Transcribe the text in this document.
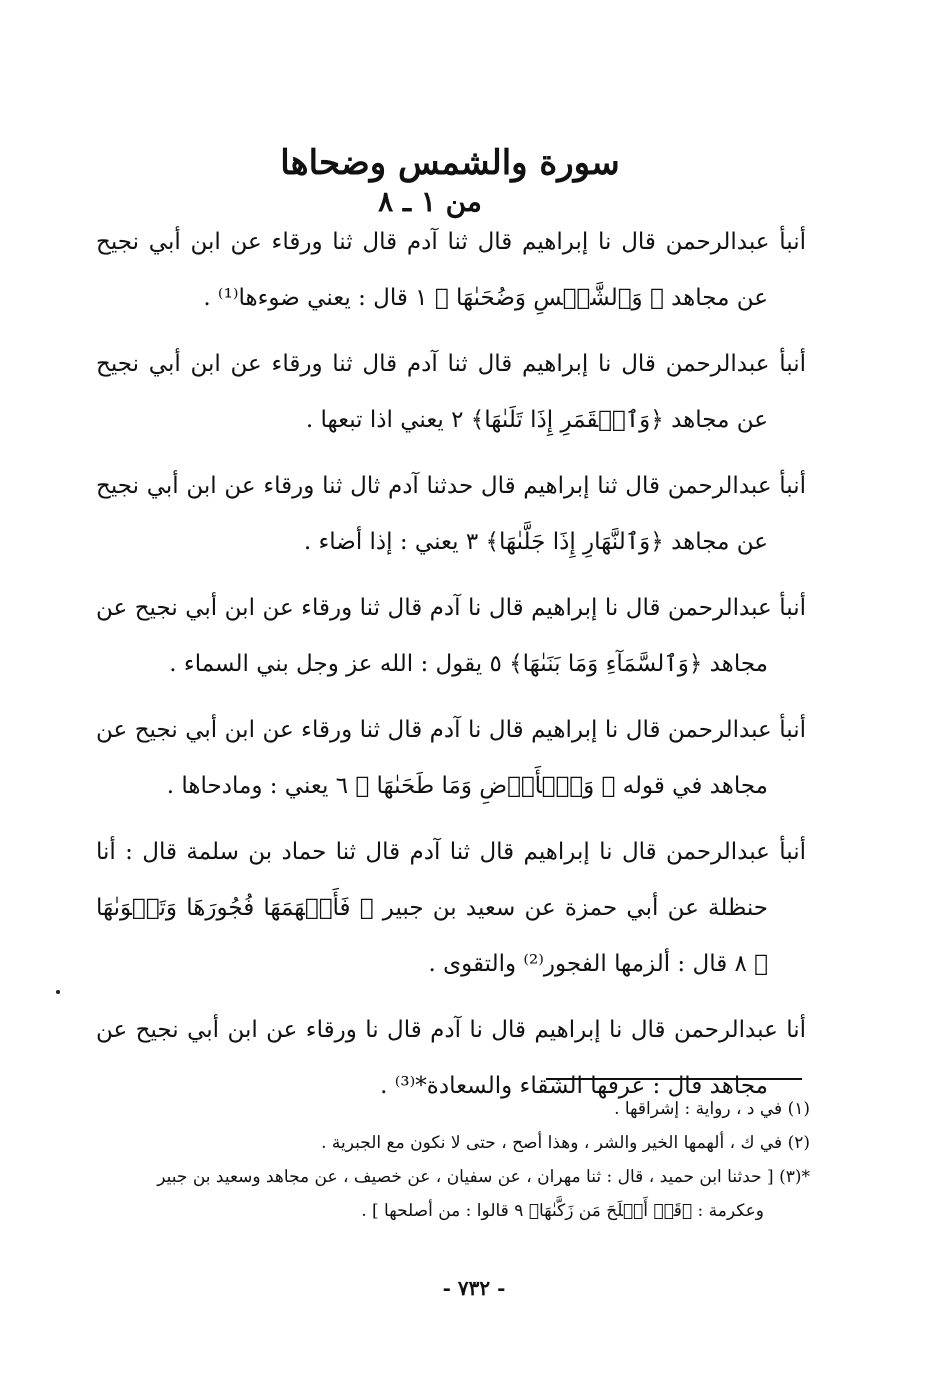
سورة والشمس وضحاها
من ١ ـ ٨

أنبأ عبدالرحمن قال نا إبراهيم قال ثنا آدم قال ثنا ورقاء عن ابن أبي نجيح عن مجاهد ﴿ وَٱلشَّمۡسِ وَضُحَىٰهَا ﴾ ١ قال : يعني ضوءها⁽¹⁾ .

أنبأ عبدالرحمن قال نا إبراهيم قال ثنا آدم قال ثنا ورقاء عن ابن أبي نجيح عن مجاهد ﴿وَٱلۡقَمَرِ إِذَا تَلَىٰهَا﴾ ٢ يعني اذا تبعها .

أنبأ عبدالرحمن قال ثنا إبراهيم قال حدثنا آدم ثال ثنا ورقاء عن ابن أبي نجيح عن مجاهد ﴿وَٱلنَّهَارِ إِذَا جَلَّىٰهَا﴾ ٣ يعني : إذا أضاء .

أنبأ عبدالرحمن قال نا إبراهيم قال نا آدم قال ثنا ورقاء عن ابن أبي نجيح عن مجاهد ﴿وَٱلسَّمَآءِ وَمَا بَنَىٰهَا﴾ ٥ يقول : الله عز وجل بني السماء .

أنبأ عبدالرحمن قال نا إبراهيم قال نا آدم قال ثنا ورقاء عن ابن أبي نجيح عن مجاهد في قوله ﴿ وَٱلۡأَرۡضِ وَمَا طَحَىٰهَا ﴾ ٦ يعني : ومادحاها .

أنبأ عبدالرحمن قال نا إبراهيم قال ثنا آدم قال ثنا حماد بن سلمة قال : أنا حنظلة عن أبي حمزة عن سعيد بن جبير ﴿ فَأَلۡهَمَهَا فُجُورَهَا وَتَقۡوَىٰهَا ﴾ ٨ قال : ألزمها الفجور⁽²⁾ والتقوى .

أنا عبدالرحمن قال نا إبراهيم قال نا آدم قال نا ورقاء عن ابن أبي نجيح عن مجاهد قال : عرفها الشقاء والسعادة*⁽³⁾ .

(١) في د ، رواية : إشراقها .

(٢) في ك ، ألهمها الخير والشر ، وهذا أصح ، حتى لا نكون مع الجبرية .

*(٣) [ حدثنا ابن حميد ، قال : ثنا مهران ، عن سفيان ، عن خصيف ، عن مجاهد وسعيد بن جبير

وعكرمة : ﴿قَدۡ أَفۡلَحَ مَن زَكَّىٰهَا﴾ ٩ قالوا : من أصلحها ] .

- ٧٣٢ -
